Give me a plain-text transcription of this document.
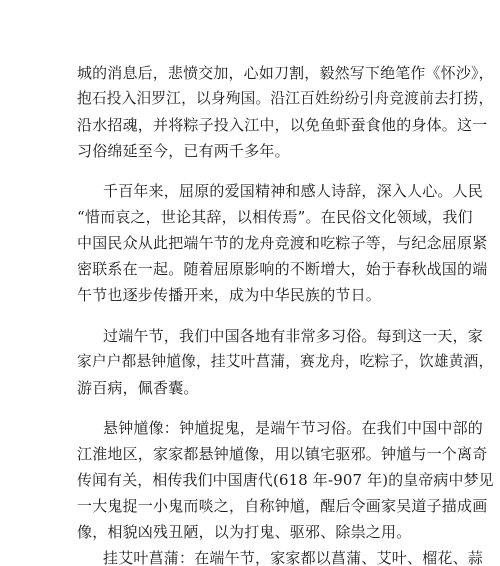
城的消息后，悲愤交加，心如刀割，毅然写下绝笔作《怀沙》，

抱石投入汨罗江，以身殉国。沿江百姓纷纷引舟竞渡前去打捞，

沿水招魂，并将粽子投入江中，以免鱼虾蚕食他的身体。这一

习俗绵延至今，已有两千多年。

千百年来，屈原的爱国精神和感人诗辞，深入人心。人民

“惜而哀之，世论其辞，以相传焉”。在民俗文化领域，我们

中国民众从此把端午节的龙舟竞渡和吃粽子等，与纪念屈原紧

密联系在一起。随着屈原影响的不断增大，始于春秋战国的端

午节也逐步传播开来，成为中华民族的节日。

过端午节，我们中国各地有非常多习俗。每到这一天，家

家户户都悬钟馗像，挂艾叶菖蒲，赛龙舟，吃粽子，饮雄黄酒，

游百病，佩香囊。

悬钟馗像：钟馗捉鬼，是端午节习俗。在我们中国中部的

江淮地区，家家都悬钟馗像，用以镇宅驱邪。钟馗与一个离奇

传闻有关，相传我们中国唐代(618 年-907 年)的皇帝病中梦见

一大鬼捉一小鬼而啖之，自称钟馗，醒后令画家吴道子描成画

像，相貌凶残丑陋，以为打鬼、驱邪、除祟之用。

挂艾叶菖蒲：在端午节，家家都以菖蒲、艾叶、榴花、蒜
